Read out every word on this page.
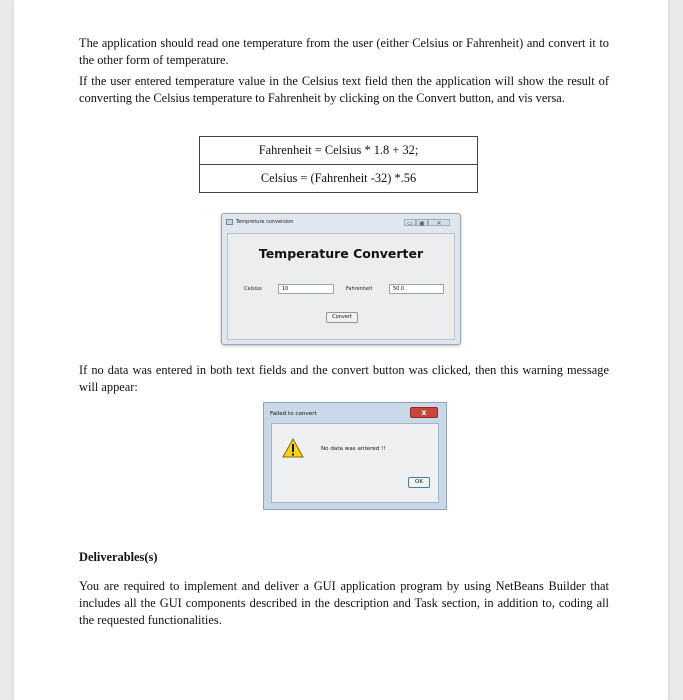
The application should read one temperature from the user (either Celsius or Fahrenheit) and convert it to the other form of temperature.

If the user entered temperature value in the Celsius text field then the application will show the result of converting the Celsius temperature to Fahrenheit by clicking on the Convert button, and vis versa.

Fahrenheit = Celsius * 1.8 + 32;
Celsius = (Fahrenheit -32) *.56
Tempreture conversion	▭	▣	✕
Temperature Converter
Celsius	10	Fahrenheit	50.0
Convert

If no data was entered in both text fields and the convert button was clicked, then this warning message will appear:

Failed to convert	x
No data was entered !!
OK
Deliverables(s)

You are required to implement and deliver a GUI application program by using NetBeans Builder that includes all the GUI components described in the description and Task section, in addition to, coding all the requested functionalities.
